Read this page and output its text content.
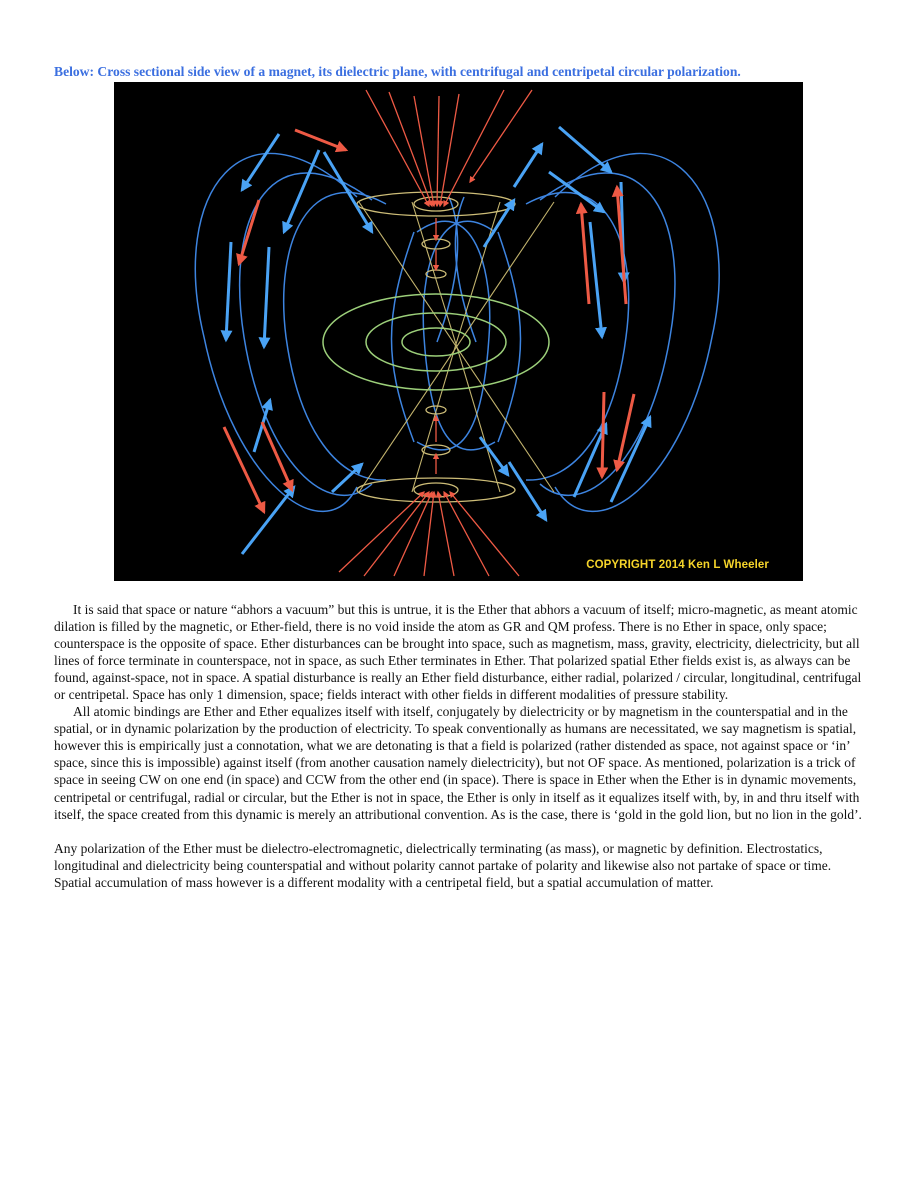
Below: Cross sectional side view of a magnet, its dielectric plane, with centrifugal and centripetal circular polarization.
COPYRIGHT 2014 Ken L Wheeler

It is said that space or nature “abhors a vacuum” but this is untrue, it is the Ether that abhors a vacuum of itself; micro-magnetic, as meant atomic dilation is filled by the magnetic, or Ether-field, there is no void inside the atom as GR and QM profess. There is no Ether in space, only space; counterspace is the opposite of space. Ether disturbances can be brought into space, such as magnetism, mass, gravity, electricity, dielectricity, but all lines of force terminate in counterspace, not in space, as such Ether terminates in Ether. That polarized spatial Ether fields exist is, as always can be found, against-space, not in space. A spatial disturbance is really an Ether field disturbance, either radial, polarized / circular, longitudinal, centrifugal or centripetal. Space has only 1 dimension, space; fields interact with other fields in different modalities of pressure stability.

All atomic bindings are Ether and Ether equalizes itself with itself, conjugately by dielectricity or by magnetism in the counterspatial and in the spatial, or in dynamic polarization by the production of electricity. To speak conventionally as humans are necessitated, we say magnetism is spatial, however this is empirically just a connotation, what we are detonating is that a field is polarized (rather distended as space, not against space or ‘in’ space, since this is impossible) against itself (from another causation namely dielectricity), but not OF space. As mentioned, polarization is a trick of space in seeing CW on one end (in space) and CCW from the other end (in space). There is space in Ether when the Ether is in dynamic movements, centripetal or centrifugal, radial or circular, but the Ether is not in space, the Ether is only in itself as it equalizes itself with, by, in and thru itself with itself, the space created from this dynamic is merely an attributional convention. As is the case, there is ‘gold in the gold lion, but no lion in the gold’.

Any polarization of the Ether must be dielectro-electromagnetic, dielectrically terminating (as mass), or magnetic by definition. Electrostatics, longitudinal and dielectricity being counterspatial and without polarity cannot partake of polarity and likewise also not partake of space or time. Spatial accumulation of mass however is a different modality with a centripetal field, but a spatial accumulation of matter.
